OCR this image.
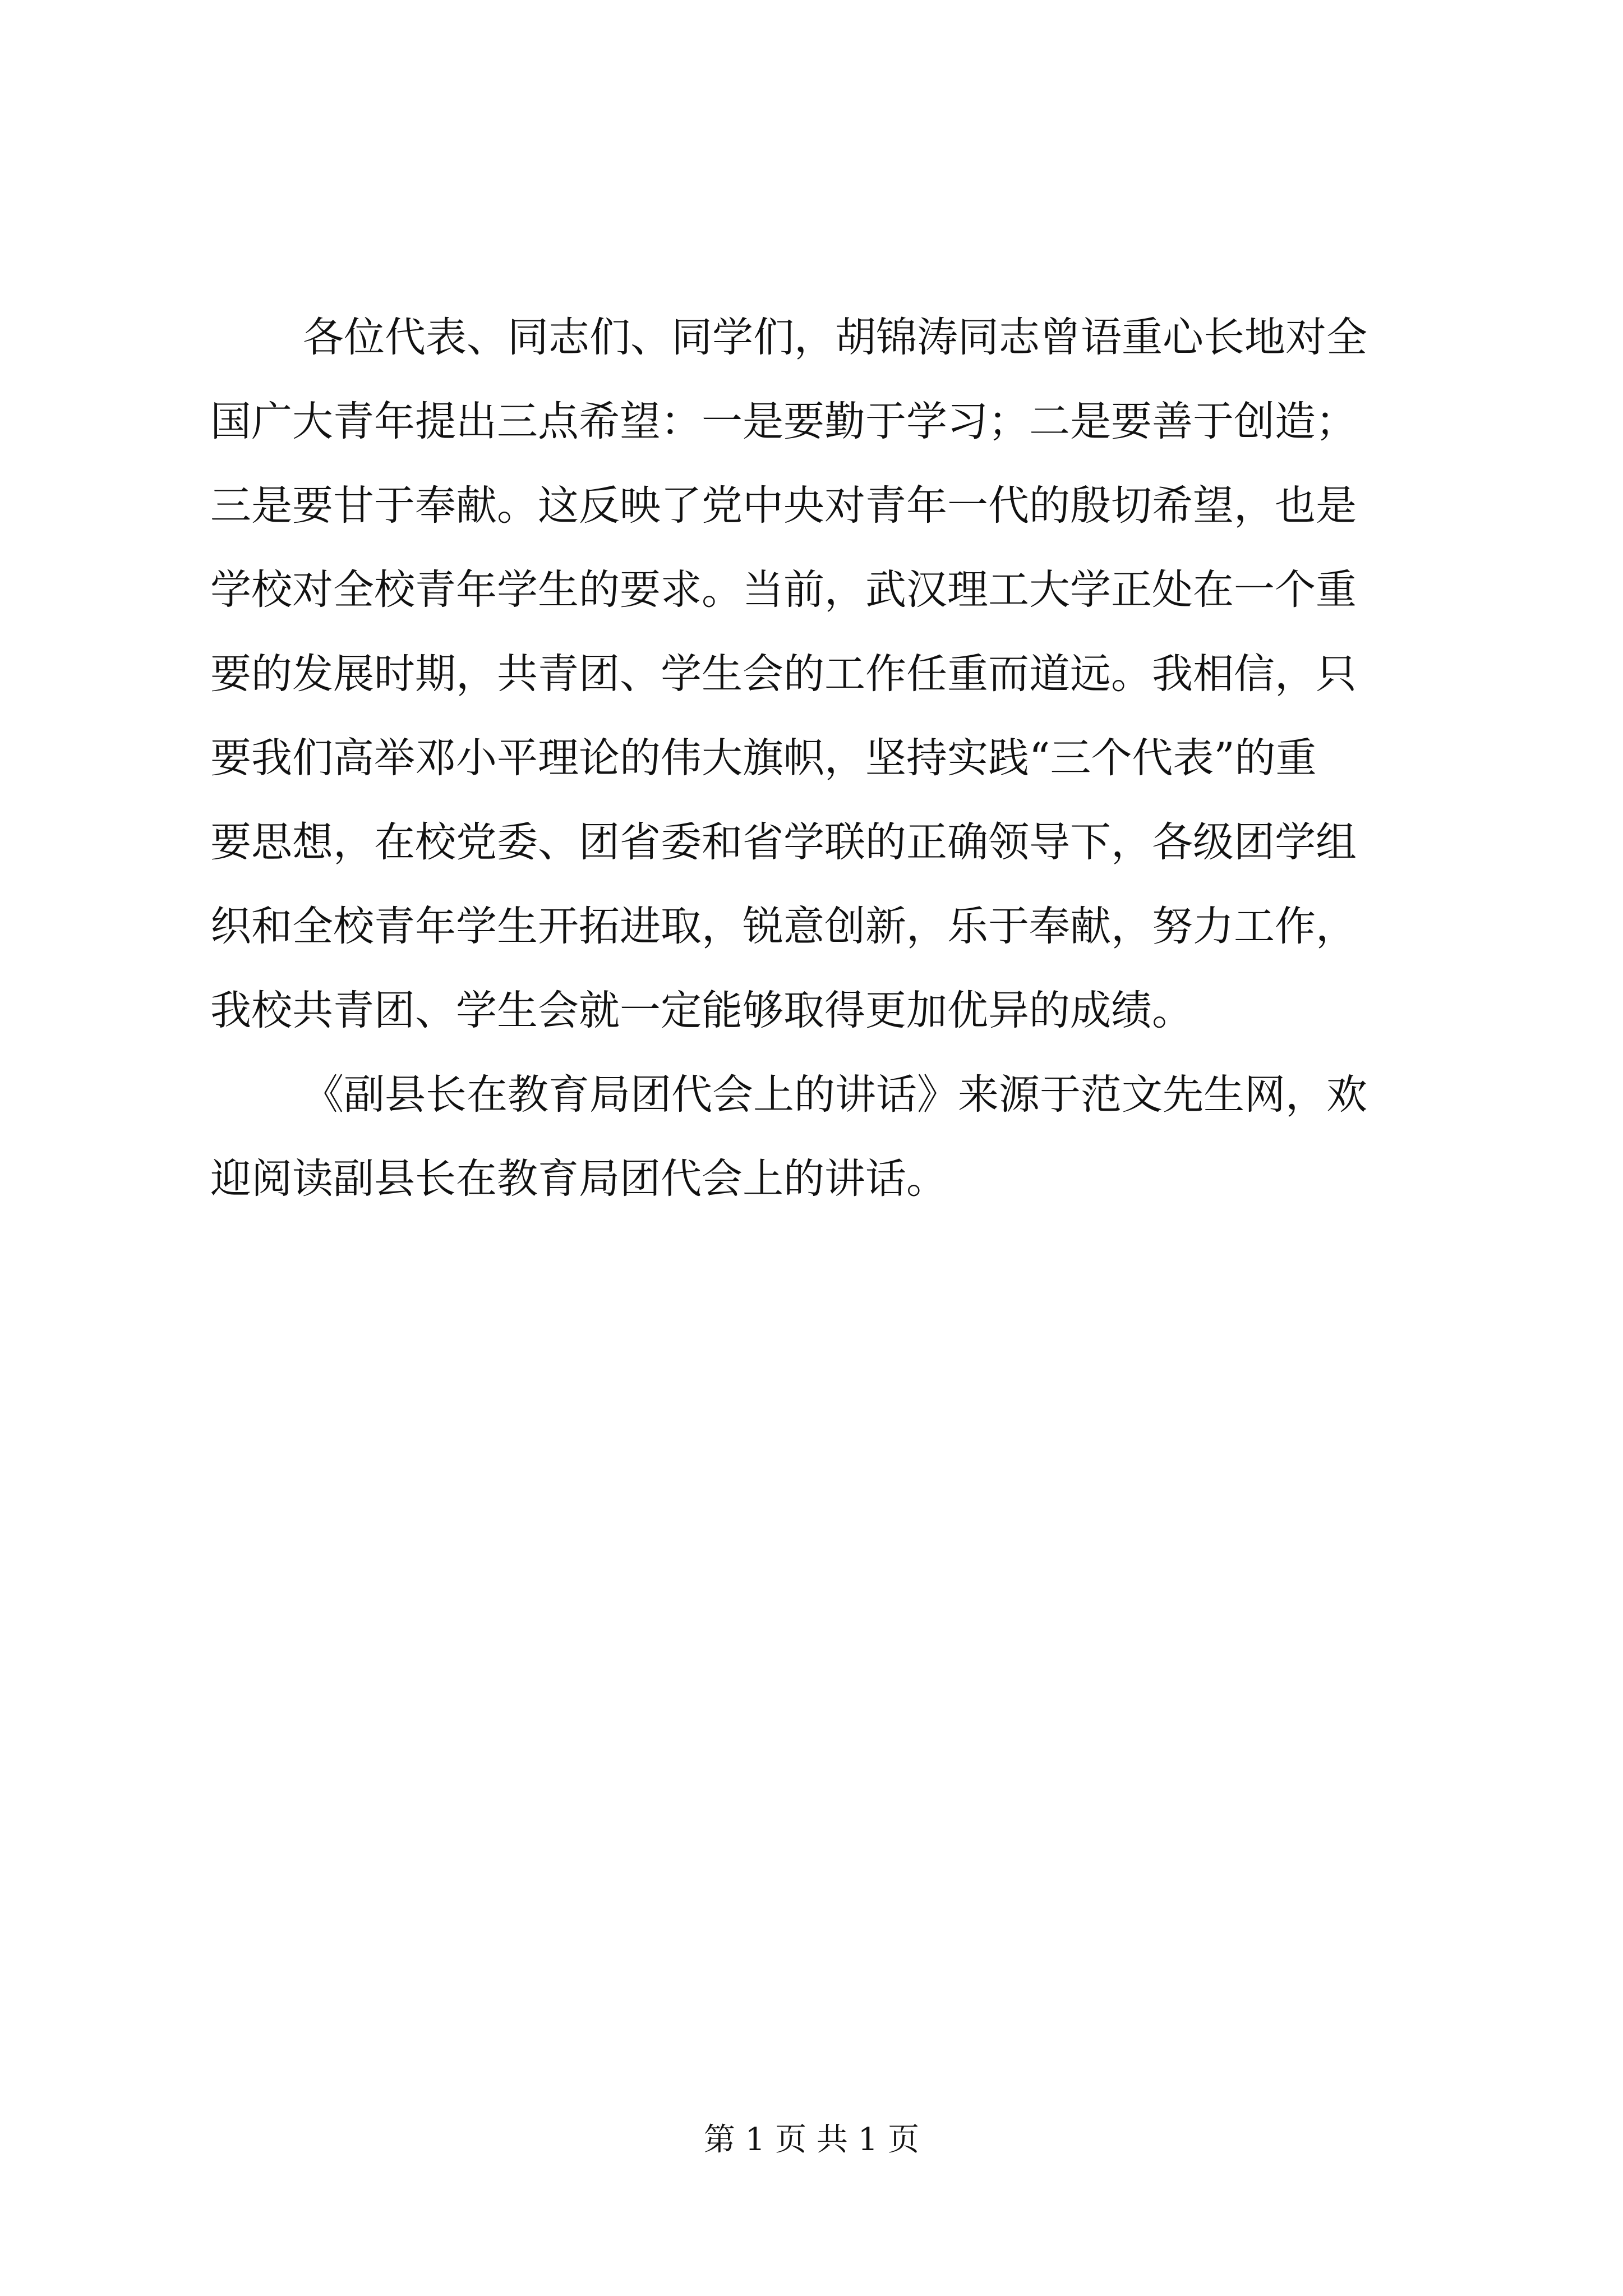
各位代表、同志们、同学们，胡锦涛同志曾语重心长地对全
国广大青年提出三点希望：一是要勤于学习；二是要善于创造；
三是要甘于奉献。这反映了党中央对青年一代的殷切希望，也是
学校对全校青年学生的要求。当前，武汉理工大学正处在一个重
要的发展时期，共青团、学生会的工作任重而道远。我相信，只
要我们高举邓小平理论的伟大旗帜，坚持实践“三个代表”的重
要思想，在校党委、团省委和省学联的正确领导下，各级团学组
织和全校青年学生开拓进取，锐意创新，乐于奉献，努力工作，
我校共青团、学生会就一定能够取得更加优异的成绩。
《副县长在教育局团代会上的讲话》来源于范文先生网，欢
迎阅读副县长在教育局团代会上的讲话。
第 1 页 共 1 页
